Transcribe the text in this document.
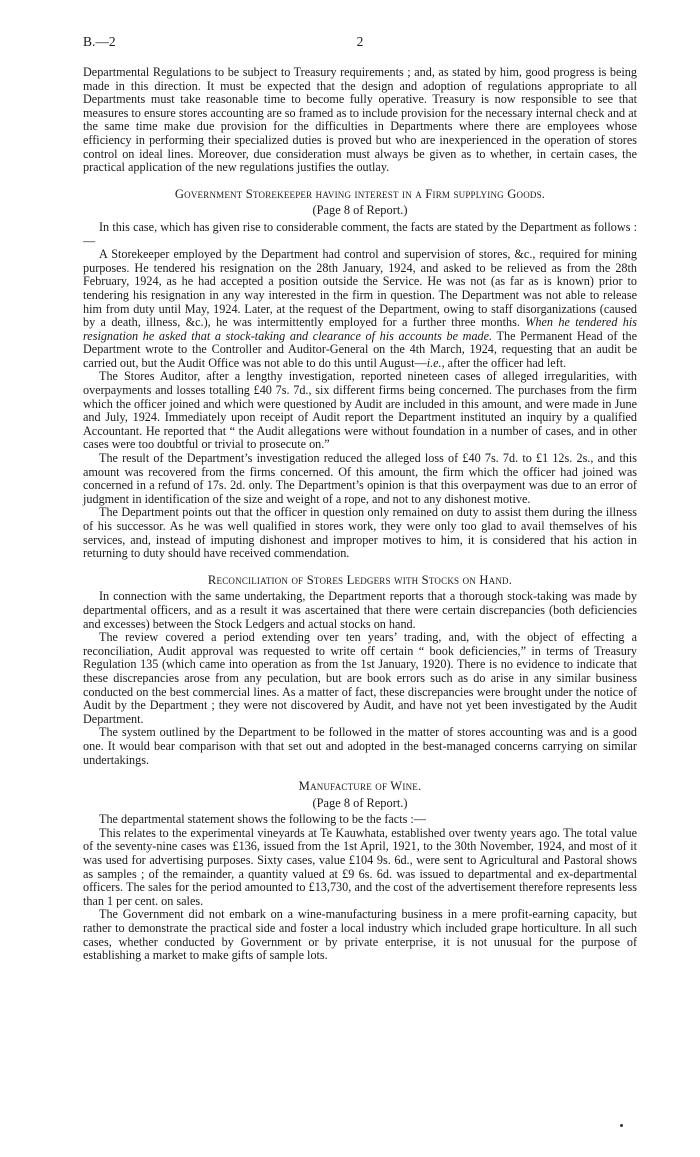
B.—2	2

Departmental Regulations to be subject to Treasury requirements ; and, as stated by him, good progress is being made in this direction. It must be expected that the design and adoption of regulations appropriate to all Departments must take reasonable time to become fully operative. Treasury is now responsible to see that measures to ensure stores accounting are so framed as to include provision for the necessary internal check and at the same time make due provision for the difficulties in Departments where there are employees whose efficiency in performing their specialized duties is proved but who are inexperienced in the operation of stores control on ideal lines. Moreover, due consideration must always be given as to whether, in certain cases, the practical application of the new regulations justifies the outlay.

Government Storekeeper having interest in a Firm supplying Goods.
(Page 8 of Report.)

In this case, which has given rise to considerable comment, the facts are stated by the Department as follows :—

A Storekeeper employed by the Department had control and supervision of stores, &c., required for mining purposes. He tendered his resignation on the 28th January, 1924, and asked to be relieved as from the 28th February, 1924, as he had accepted a position outside the Service. He was not (as far as is known) prior to tendering his resignation in any way interested in the firm in question. The Department was not able to release him from duty until May, 1924. Later, at the request of the Department, owing to staff disorganizations (caused by a death, illness, &c.), he was intermittently employed for a further three months. When he tendered his resignation he asked that a stock-taking and clearance of his accounts be made. The Permanent Head of the Department wrote to the Controller and Auditor-General on the 4th March, 1924, requesting that an audit be carried out, but the Audit Office was not able to do this until August—i.e., after the officer had left.

The Stores Auditor, after a lengthy investigation, reported nineteen cases of alleged irregularities, with overpayments and losses totalling £40 7s. 7d., six different firms being concerned. The purchases from the firm which the officer joined and which were questioned by Audit are included in this amount, and were made in June and July, 1924. Immediately upon receipt of Audit report the Department instituted an inquiry by a qualified Accountant. He reported that “ the Audit allegations were without foundation in a number of cases, and in other cases were too doubtful or trivial to prosecute on.”

The result of the Department’s investigation reduced the alleged loss of £40 7s. 7d. to £1 12s. 2s., and this amount was recovered from the firms concerned. Of this amount, the firm which the officer had joined was concerned in a refund of 17s. 2d. only. The Department’s opinion is that this overpayment was due to an error of judgment in identification of the size and weight of a rope, and not to any dishonest motive.

The Department points out that the officer in question only remained on duty to assist them during the illness of his successor. As he was well qualified in stores work, they were only too glad to avail themselves of his services, and, instead of imputing dishonest and improper motives to him, it is considered that his action in returning to duty should have received commendation.

Reconciliation of Stores Ledgers with Stocks on Hand.

In connection with the same undertaking, the Department reports that a thorough stock-taking was made by departmental officers, and as a result it was ascertained that there were certain discrepancies (both deficiencies and excesses) between the Stock Ledgers and actual stocks on hand.

The review covered a period extending over ten years’ trading, and, with the object of effecting a reconciliation, Audit approval was requested to write off certain “ book deficiencies,” in terms of Treasury Regulation 135 (which came into operation as from the 1st January, 1920). There is no evidence to indicate that these discrepancies arose from any peculation, but are book errors such as do arise in any similar business conducted on the best commercial lines. As a matter of fact, these discrepancies were brought under the notice of Audit by the Department ; they were not discovered by Audit, and have not yet been investigated by the Audit Department.

The system outlined by the Department to be followed in the matter of stores accounting was and is a good one. It would bear comparison with that set out and adopted in the best-managed concerns carrying on similar undertakings.

Manufacture of Wine.
(Page 8 of Report.)

The departmental statement shows the following to be the facts :—

This relates to the experimental vineyards at Te Kauwhata, established over twenty years ago. The total value of the seventy-nine cases was £136, issued from the 1st April, 1921, to the 30th November, 1924, and most of it was used for advertising purposes. Sixty cases, value £104 9s. 6d., were sent to Agricultural and Pastoral shows as samples ; of the remainder, a quantity valued at £9 6s. 6d. was issued to departmental and ex-departmental officers. The sales for the period amounted to £13,730, and the cost of the advertisement therefore represents less than 1 per cent. on sales.

The Government did not embark on a wine-manufacturing business in a mere profit-earning capacity, but rather to demonstrate the practical side and foster a local industry which included grape horticulture. In all such cases, whether conducted by Government or by private enterprise, it is not unusual for the purpose of establishing a market to make gifts of sample lots.
